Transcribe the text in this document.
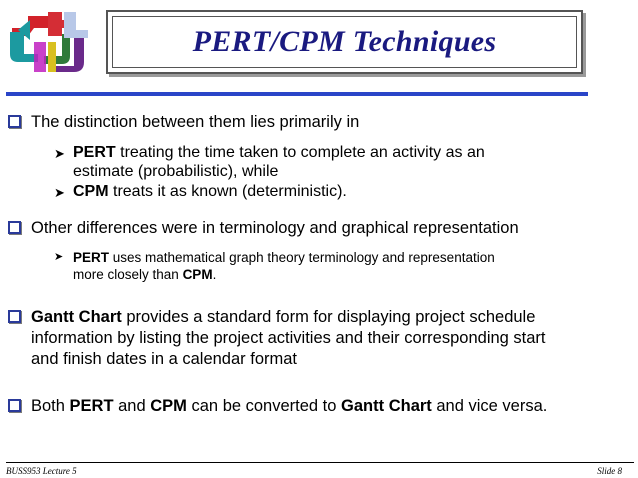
PERT/CPM Techniques
The distinction between them lies primarily in
➤ PERT treating the time taken to complete an activity as an
estimate (probabilistic), while
➤ CPM treats it as known (deterministic).
Other differences were in terminology and graphical representation
➤ PERT uses mathematical graph theory terminology and representation
more closely than CPM.
Gantt Chart provides a standard form for displaying project schedule
information by listing the project activities and their corresponding start
and finish dates in a calendar format
Both PERT and CPM can be converted to Gantt Chart and vice versa.
BUSS953 Lecture 5	Slide 8
